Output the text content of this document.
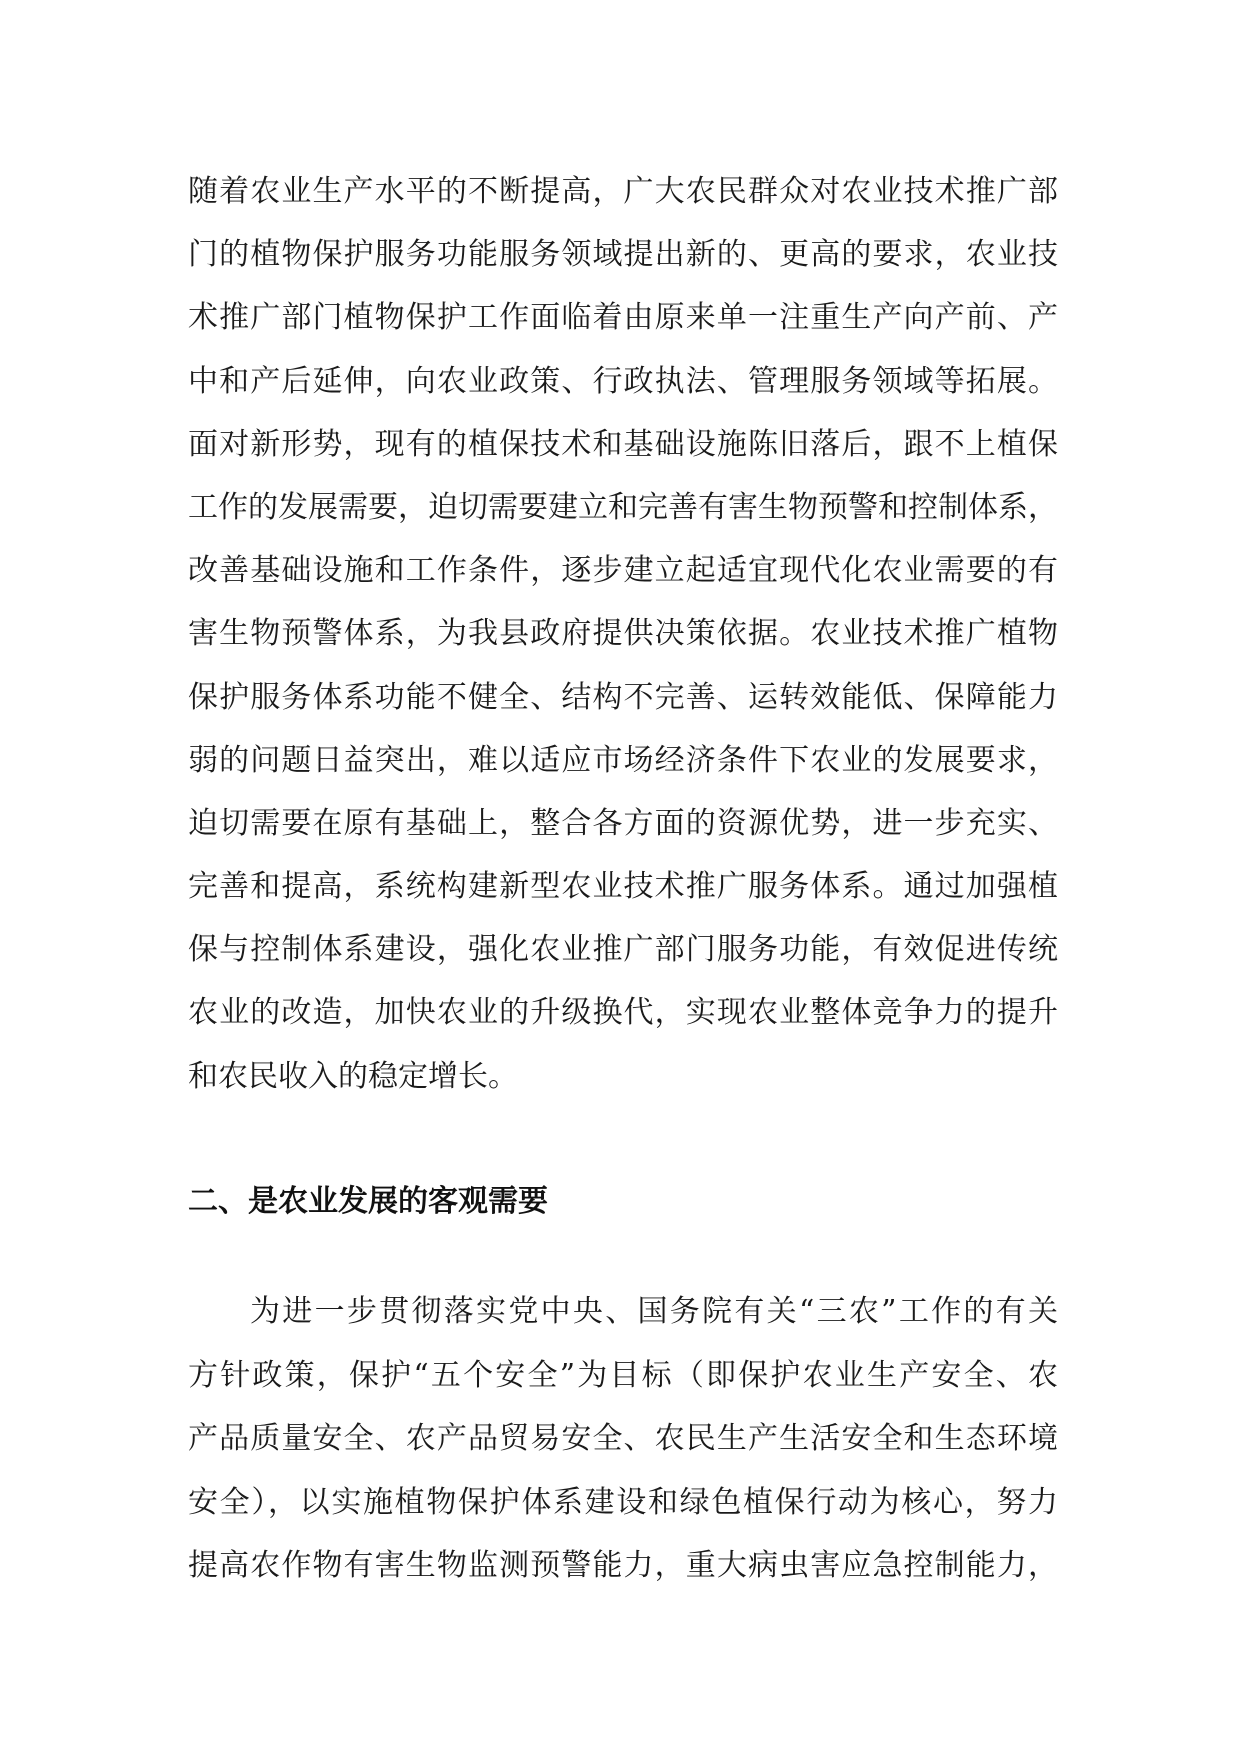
随着农业生产水平的不断提高，广大农民群众对农业技术推广部
门的植物保护服务功能服务领域提出新的、更高的要求，农业技
术推广部门植物保护工作面临着由原来单一注重生产向产前、产
中和产后延伸，向农业政策、行政执法、管理服务领域等拓展。
面对新形势，现有的植保技术和基础设施陈旧落后，跟不上植保
工作的发展需要，迫切需要建立和完善有害生物预警和控制体系，
改善基础设施和工作条件，逐步建立起适宜现代化农业需要的有
害生物预警体系，为我县政府提供决策依据。农业技术推广植物
保护服务体系功能不健全、结构不完善、运转效能低、保障能力
弱的问题日益突出，难以适应市场经济条件下农业的发展要求，
迫切需要在原有基础上，整合各方面的资源优势，进一步充实、
完善和提高，系统构建新型农业技术推广服务体系。通过加强植
保与控制体系建设，强化农业推广部门服务功能，有效促进传统
农业的改造，加快农业的升级换代，实现农业整体竞争力的提升
和农民收入的稳定增长。
二、是农业发展的客观需要
为进一步贯彻落实党中央、国务院有关“三农”工作的有关
方针政策，保护“五个安全”为目标（即保护农业生产安全、农
产品质量安全、农产品贸易安全、农民生产生活安全和生态环境
安全），以实施植物保护体系建设和绿色植保行动为核心，努力
提高农作物有害生物监测预警能力，重大病虫害应急控制能力，
